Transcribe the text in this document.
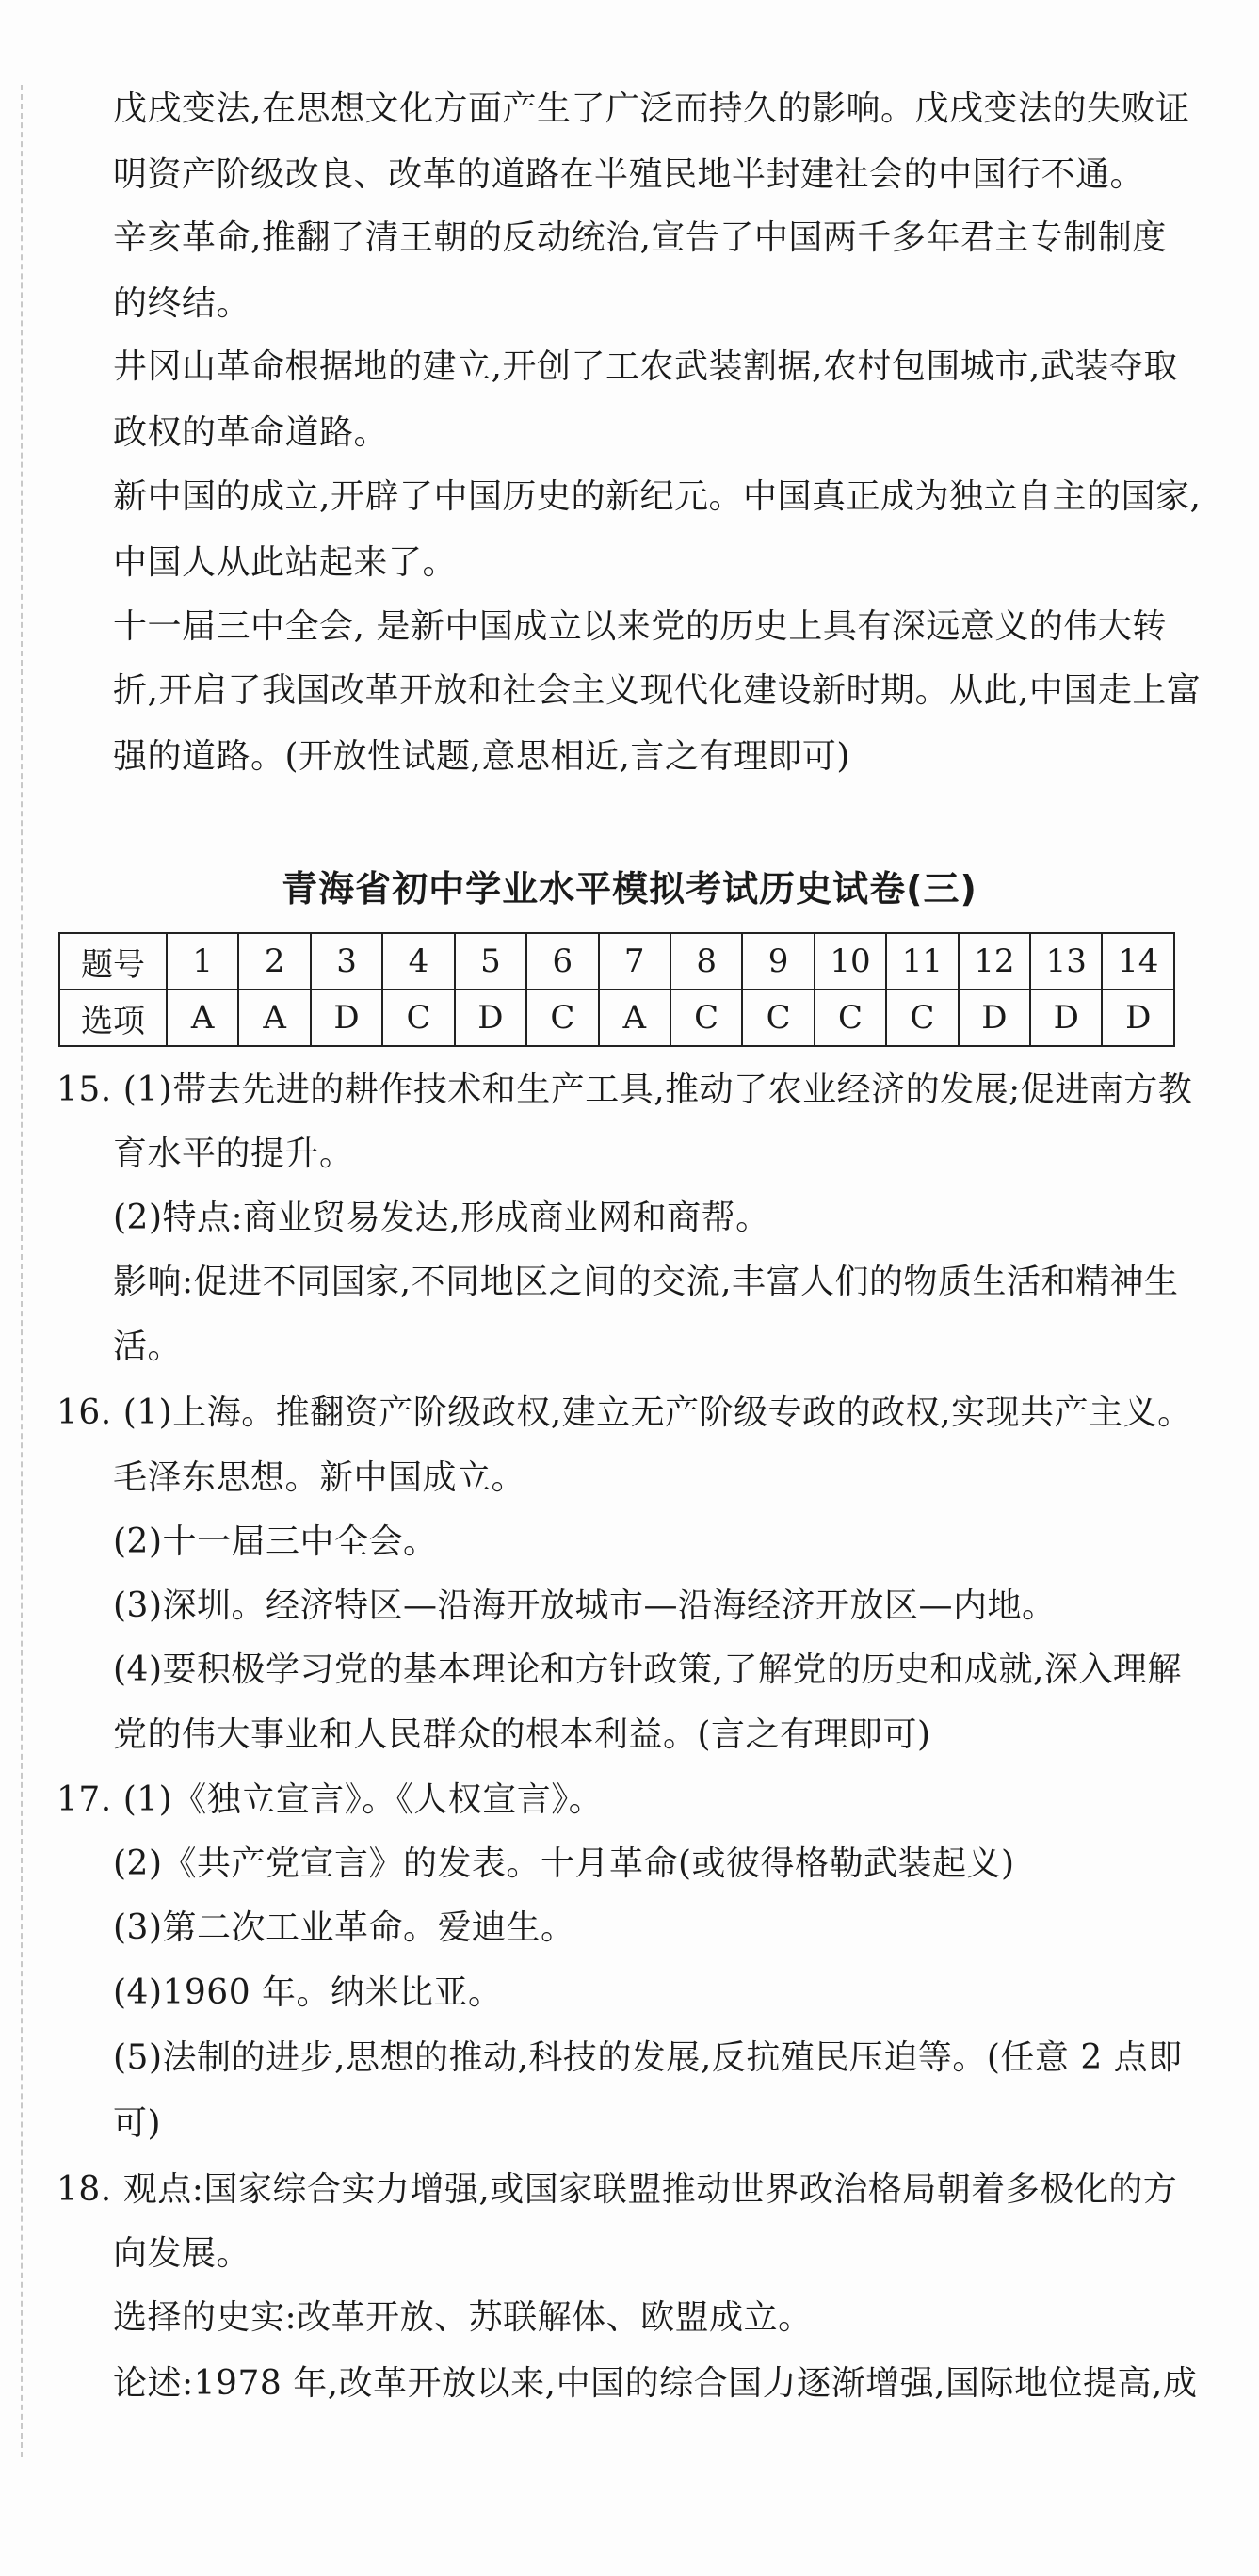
戊戌变法,在思想文化方面产生了广泛而持久的影响。戊戌变法的失败证
明资产阶级改良、改革的道路在半殖民地半封建社会的中国行不通。
辛亥革命,推翻了清王朝的反动统治,宣告了中国两千多年君主专制制度
的终结。
井冈山革命根据地的建立,开创了工农武装割据,农村包围城市,武装夺取
政权的革命道路。
新中国的成立,开辟了中国历史的新纪元。中国真正成为独立自主的国家,
中国人从此站起来了。
十一届三中全会, 是新中国成立以来党的历史上具有深远意义的伟大转
折,开启了我国改革开放和社会主义现代化建设新时期。从此,中国走上富
强的道路。(开放性试题,意思相近,言之有理即可)
青海省初中学业水平模拟考试历史试卷(三)
题号	1	2	3	4	5	6	7	8	9	10	11	12	13	14
选项	A	A	D	C	D	C	A	C	C	C	C	D	D	D
15. (1)带去先进的耕作技术和生产工具,推动了农业经济的发展;促进南方教
育水平的提升。
(2)特点:商业贸易发达,形成商业网和商帮。
影响:促进不同国家,不同地区之间的交流,丰富人们的物质生活和精神生
活。
16. (1)上海。推翻资产阶级政权,建立无产阶级专政的政权,实现共产主义。
毛泽东思想。新中国成立。
(2)十一届三中全会。
(3)深圳。经济特区—沿海开放城市—沿海经济开放区—内地。
(4)要积极学习党的基本理论和方针政策,了解党的历史和成就,深入理解
党的伟大事业和人民群众的根本利益。(言之有理即可)
17. (1)《独立宣言》。《人权宣言》。
(2)《共产党宣言》的发表。十月革命(或彼得格勒武装起义)
(3)第二次工业革命。爱迪生。
(4)1960 年。纳米比亚。
(5)法制的进步,思想的推动,科技的发展,反抗殖民压迫等。(任意 2 点即
可)
18. 观点:国家综合实力增强,或国家联盟推动世界政治格局朝着多极化的方
向发展。
选择的史实:改革开放、苏联解体、欧盟成立。
论述:1978 年,改革开放以来,中国的综合国力逐渐增强,国际地位提高,成
